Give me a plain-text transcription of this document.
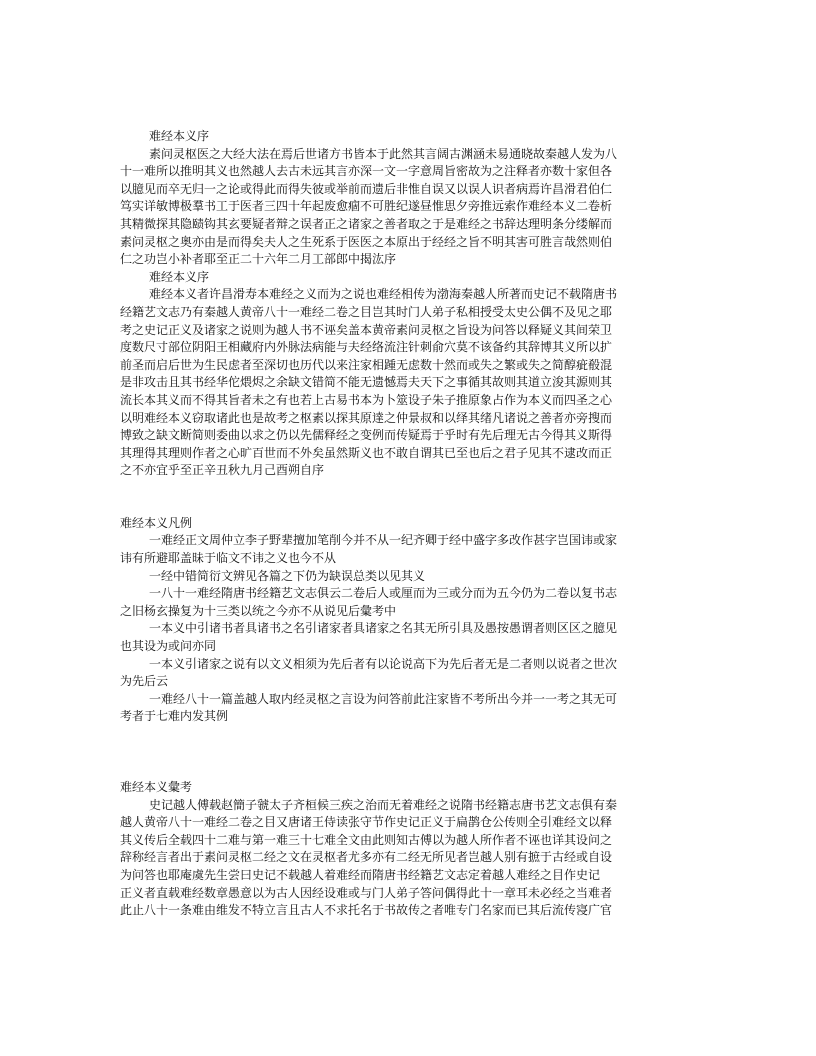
难经本义序
素问灵枢医之大经大法在焉后世诸方书皆本于此然其言阔古渊涵未易通晓故秦越人发为八
十一难所以推明其义也然越人去古未远其言亦深一文一字意周旨密故为之注释者亦数十家但各
以臆见而卒无归一之论或得此而得失彼或举前而遗后非惟自误又以误人识者病焉许昌滑君伯仁
笃实详敏博极羣书工于医者三四十年起废愈痼不可胜纪遂昼惟思夕旁推远索作难经本义二卷析
其精微探其隐赜钩其玄要疑者辩之误者正之诸家之善者取之于是难经之书辞达理明条分缕解而
素问灵枢之奥亦由是而得矣夫人之生死系于医医之本原出于经经之旨不明其害可胜言哉然则伯
仁之功岂小补者耶至正二十六年二月工部郎中揭汯序
难经本义序
难经本义者许昌滑寿本难经之义而为之说也难经相传为渤海秦越人所著而史记不载隋唐书
经籍艺文志乃有秦越人黄帝八十一难经二卷之目岂其时门人弟子私相授受太史公偶不及见之耶
考之史记正义及诸家之说则为越人书不诬矣盖本黄帝素问灵枢之旨设为问答以释疑义其间荣卫
度数尺寸部位阴阳王相藏府内外脉法病能与夫经络流注针刺俞穴莫不该备约其辞博其义所以扩
前圣而启后世为生民虑者至深切也历代以来注家相踵无虑数十然而或失之繁或失之简醇疵殽混
是非攻击且其书经华佗煨烬之余缺文错简不能无遗憾焉夫天下之事循其故则其道立浚其源则其
流长本其义而不得其旨者未之有也若上古易书本为卜筮设子朱子推原象占作为本义而四圣之心
以明难经本义窃取诸此也是故考之枢素以探其原達之仲景叔和以绎其绪凡诸说之善者亦旁搜而
博致之缺文断简则委曲以求之仍以先儒释经之变例而传疑焉于乎时有先后理无古今得其义斯得
其理得其理则作者之心旷百世而不外矣虽然斯义也不敢自谓其已至也后之君子见其不逮改而正
之不亦宜乎至正辛丑秋九月己酉朔自序
难经本义凡例
一难经正文周仲立李子野辈擅加笔削今并不从一纪齐卿于经中盛字多改作甚字岂国讳或家
讳有所避耶盖昧于临文不讳之义也今不从
一经中错简衍文辨见各篇之下仍为缺误总类以见其义
一八十一难经隋唐书经籍艺文志俱云二卷后人或厘而为三或分而为五今仍为二卷以复书志
之旧杨玄操复为十三类以统之今亦不从说见后彙考中
一本义中引诸书者具诸书之名引诸家者具诸家之名其无所引具及愚按愚谓者则区区之臆见
也其设为或问亦同
一本义引诸家之说有以文义相须为先后者有以论说高下为先后者无是二者则以说者之世次
为先后云
一难经八十一篇盖越人取内经灵枢之言设为问答前此注家皆不考所出今并一一考之其无可
考者于七难内发其例
难经本义彙考
史记越人傅载赵簡子虢太子齐桓候三疾之治而无着难经之说隋书经籍志唐书艺文志俱有秦
越人黄帝八十一难经二卷之目又唐诸王侍读张守节作史记正义于扁鹊仓公传则全引难经文以释
其义传后全载四十二难与第一难三十七难全文由此则知古傅以为越人所作者不诬也详其设问之
辞称经言者出于素问灵枢二经之文在灵枢者尤多亦有二经无所见者岂越人别有摭于古经或自设
为问答也耶庵虞先生尝曰史记不载越人着难经而隋唐书经籍艺文志定着越人难经之目作史记
正义者直载难经数章愚意以为古人因经设难或与门人弟子答问偶得此十一章耳未必经之当难者
此止八十一条难由维发不特立言且古人不求托名于书故传之者唯专门名家而已其后流传寖广官
